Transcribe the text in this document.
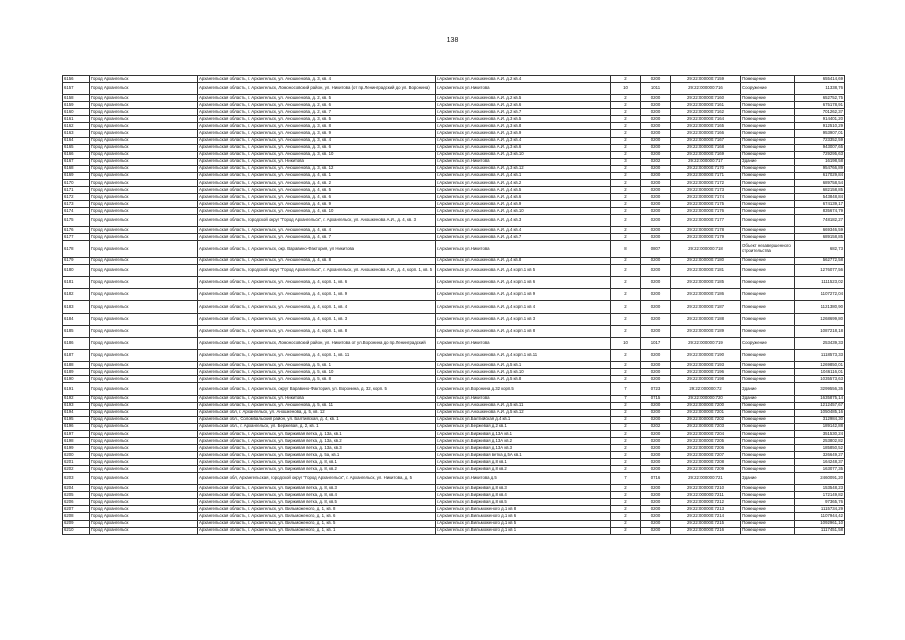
138
6156	Город Архангельск	Архангельская область, г. Архангельск, ул. Аношкенова, д. 3, кв. 4	г.Архангельск ул.Аношкенова А.И. д.2 кв.4	2	0200	29:22:000000:7159	Помещение	655414,69
6157	Город Архангельск	Архангельская область, г. Архангельск, Ломоносовский район, ул. Никитова (от пр.Ленинградский до ул. Воронина)	г.Архангельск ул.Никитова	10	1011	29:22:000000:716	Сооружение	11338,76
6158	Город Архангельск	Архангельская область, г. Архангельск, ул. Аношкенова, д. 2, кв. 5	г.Архангельск ул.Аношкенова А.И. д.2 кв.5	2	0200	29:22:000000:7160	Помещение	652752,75
6159	Город Архангельск	Архангельская область, г. Архангельск, ул. Аношкенова, д. 2, кв. 6	г.Архангельск ул.Аношкенова А.И. д.2 кв.6	2	0200	29:22:000000:7161	Помещение	675178,91
6160	Город Архангельск	Архангельская область, г. Архангельск, ул. Аношкенова, д. 2, кв. 7	г.Архангельск ул.Аношкенова А.И. д.2 кв.7	2	0200	29:22:000000:7162	Помещение	701262,37
6161	Город Архангельск	Архангельская область, г. Архангельск, ул. Аношкенова, д. 3, кв. 5	г.Архангельск ул.Аношкенова А.И. д.3 кв.5	2	0200	29:22:000000:7164	Помещение	914401,20
6162	Город Архангельск	Архангельская область, г. Архангельск, ул. Аношкенова, д. 3, кв. 8	г.Архангельск ул.Аношкенова А.И. д.3 кв.8	2	0200	29:22:000000:7165	Помещение	912510,29
6163	Город Архангельск	Архангельская область, г. Архангельск, ул. Аношкенова, д. 3, кв. 9	г.Архангельск ул.Аношкенова А.И. д.3 кв.9	2	0200	29:22:000000:7166	Помещение	953907,01
6164	Город Архангельск	Архангельская область, г. Архангельск, ул. Аношкенова, д. 3, кв. 4	г.Архангельск ул.Аношкенова А.И. д.3 кв.4	2	0200	29:22:000000:7167	Помещение	723352,59
6165	Город Архангельск	Архангельская область, г. Архангельск, ул. Аношкенова, д. 3, кв. 6	г.Архангельск ул.Аношкенова А.И. д.3 кв.6	2	0200	29:22:000000:7168	Помещение	943007,65
6166	Город Архангельск	Архангельская область, г. Архангельск, ул. Аношкенова, д. 3, кв. 10	г.Архангельск ул.Аношкенова А.И. д.3 кв.10	2	0200	29:22:000000:7169	Помещение	729295,63
6167	Город Архангельск	Архангельская область, г. Архангельск, ул. Никитова	г.Архангельск ул.Никитова	3	0202	29:22:000000:717	Здание	16198,58
6168	Город Архангельск	Архангельская область, г. Архангельск, ул. Аношкенова, д. 3, кв. 12	г.Архангельск ул.Аношкенова А.И. д.3 кв.12	2	0200	29:22:000000:7170	Помещение	954766,89
6169	Город Архангельск	Архангельская область, г. Архангельск, ул. Аношкенова, д. 4, кв. 1	г.Архангельск ул.Аношкенова А.И. д.4 кв.1	2	0200	29:22:000000:7171	Помещение	617029,84
6170	Город Архангельск	Архангельская область, г. Архангельск, ул. Аношкенова, д. 4, кв. 2	г.Архангельск ул.Аношкенова А.И. д.4 кв.2	2	0200	29:22:000000:7172	Помещение	689758,54
6171	Город Архангельск	Архангельская область, г. Архангельск, ул. Аношкенова, д. 4, кв. 5	г.Архангельск ул.Аношкенова А.И. д.4 кв.5	2	0200	29:22:000000:7173	Помещение	682158,85
6172	Город Архангельск	Архангельская область, г. Архангельск, ул. Аношкенова, д. 4, кв. 6	г.Архангельск ул.Аношкенова А.И. д.4 кв.6	2	0200	29:22:000000:7174	Помещение	543848,84
6173	Город Архангельск	Архангельская область, г. Архангельск, ул. Аношкенова, д. 4, кв. 9	г.Архангельск ул.Аношкенова А.И. д.4 кв.9	2	0200	29:22:000000:7175	Помещение	674139,17
6174	Город Архангельск	Архангельская область, г. Архангельск, ул. Аношкенова, д. 4, кв. 10	г.Архангельск ул.Аношкенова А.И. д.4 кв.10	2	0200	29:22:000000:7176	Помещение	835674,79
6175	Город Архангельск	Архангельская область, городской округ "Город Архангельск", г. Архангельск, ул. Аношкенова А.И., д. 4, кв. 3	г.Архангельск ул.Аношкенова А.И. д.4 кв.3	2	0200	29:22:000000:7177	Помещение	748182,27
6176	Город Архангельск	Архангельская область, г. Архангельск, ул. Аношкенова, д. 4, кв. 4	г.Архангельск ул.Аношкенова А.И. д.4 кв.4	2	0200	29:22:000000:7178	Помещение	669346,59
6177	Город Архангельск	Архангельская область, г. Архангельск, ул. Аношкенова, д. 4, кв. 7	г.Архангельск ул.Аношкенова А.И. д.4 кв.7	2	0200	29:22:000000:7179	Помещение	689158,85
6178	Город Архангельск	Архангельская область, г. Архангельск, окр. Варавино-Фактория, ул Никитова	г.Архангельск ул.Никитова	8	0807	29:22:000000:718	Объект незавершенного строительства	682,73
6179	Город Архангельск	Архангельская область, г. Архангельск, ул. Аношкенова, д. 4, кв. 8	г.Архангельск ул.Аношкенова А.И. д.4 кв.8	2	0200	29:22:000000:7180	Помещение	562772,58
6180	Город Архангельск	Архангельская область, городской округ "Город Архангельск", г. Архангельск, ул. Аношкенова А.И., д. 4, корп. 1, кв. 5	г.Архангельск ул.Аношкенова А.И. д.4 корп.1 кв 5	2	0200	29:22:000000:7181	Помещение	1276077,56
6181	Город Архангельск	Архангельская область, г. Архангельск, ул. Аношкенова, д. 4, корп. 1, кв. 6	г.Архангельск ул.Аношкенова А.И. д.4 корп.1 кв 6	2	0200	29:22:000000:7185	Помещение	1111523,02
6182	Город Архангельск	Архангельская область, г. Архангельск, ул. Аношкенова, д. 4, корп. 1, кв. 9	г.Архангельск ул.Аношкенова А.И. д.4 корп.1 кв 9	2	0200	29:22:000000:7186	Помещение	1107272,04
6183	Город Архангельск	Архангельская область, г. Архангельск, ул. Аношкенова, д. 4, корп. 1, кв. 4	г.Архангельск ул.Аношкенова А.И. д.4 корп.1 кв 4	2	0200	29:22:000000:7187	Помещение	1121380,90
6184	Город Архангельск	Архангельская область, г. Архангельск, ул. Аношкенова, д. 4, корп. 1, кв. 3	г.Архангельск ул.Аношкенова А.И. д.4 корп.1 кв 3	2	0200	29:22:000000:7188	Помещение	1268699,80
6185	Город Архангельск	Архангельская область, г. Архангельск, ул. Аношкенова, д. 4, корп. 1, кв. 8	г.Архангельск ул.Аношкенова А.И. д.4 корп.1 кв 8	2	0200	29:22:000000:7189	Помещение	1087218,18
6186	Город Архангельск	Архангельская область, г. Архангельск, Ломоносовский район, ул. Никитова от ул.Воронина до пр.Ленинградский	г.Архангельск ул.Никитова	10	1017	29:22:000000:719	Сооружение	253439,33
6187	Город Архангельск	Архангельская область, г. Архангельск, ул. Аношкенова, д. 4, корп. 1, кв. 11	г.Архангельск ул.Аношкенова А.И. д.4 корп.1 кв.11	2	0200	29:22:000000:7190	Помещение	1118573,33
6188	Город Архангельск	Архангельская область, г. Архангельск, ул. Аношкенова, д. 5, кв. 1	г.Архангельск ул.Аношкенова А.И. д.5 кв.1	2	0200	29:22:000000:7193	Помещение	1269850,01
6189	Город Архангельск	Архангельская область, г. Архангельск, ул. Аношкенова, д. 5, кв. 10	г.Архангельск ул.Аношкенова А.И. д.5 кв.10	2	0200	29:22:000000:7196	Помещение	1046116,01
6190	Город Архангельск	Архангельская область, г. Архангельск, ул. Аношкенова, д. 5, кв. 8	г.Архангельск ул.Аношкенова А.И. д.5 кв.8	2	0200	29:22:000000:7198	Помещение	1035573,63
6191	Город Архангельск	Архангельская область, г. Архангельск, округ Варавино-Фактория, ул. Воронина, д. 32, корп. 5	г.Архангельск ул.Воронина д.32 корп.5	7	0723	29:22:000000:72	Здание	3299556,35
6192	Город Архангельск	Архангельская область, г. Архангельск, ул. Никитова	г.Архангельск ул.Никитова	7	0715	29:22:000000:720	Здание	1635875,14
6193	Город Архангельск	Архангельская область, г. Архангельск, ул. Аношкенова, д. 5, кв. 11	г.Архангельск ул.Аношкенова А.И. д.5 кв.11	2	0200	29:22:000000:7200	Помещение	1212457,67
6194	Город Архангельск	Архангельская обл, г. Архангельск, ул. Аношкенова, д. 5, кв. 12	г.Архангельск ул.Аношкенова А.И. д.5 кв.12	2	0200	29:22:000000:7201	Помещение	1050485,16
6195	Город Архангельск	Архангельская обл., Соломбальский район, ул. Балтийская, д. 4, кв. 1	г.Архангельск ул.Балтийская д.4 кв.1	2	0200	29:22:000000:7202	Помещение	312984,30
6196	Город Архангельск	Архангельская обл., г. Архангельск, ул. Бержевая, д. 2, кв. 1	г.Архангельск ул.Бержевая д.2 кв.1	2	0202	29:22:000000:7203	Помещение	189142,88
6197	Город Архангельск	Архангельская область, г. Архангельск, ул. Бирживая ветка, д. 13а, кв.1	г.Архангельск ул.Бирживая д.13А кв.1	2	0200	29:22:000000:7204	Помещение	351530,24
6198	Город Архангельск	Архангельская область, г. Архангельск, ул. Бирживая ветка, д. 13а, кв.2	г.Архангельск ул.Бирживая д.13А кв.2	2	0200	29:22:000000:7205	Помещение	253802,82
6199	Город Архангельск	Архангельская область, г. Архангельск, ул. Бирживая ветка, д. 13а, кв.3	г.Архангельск ул.Бирживая д.13А кв.3	2	0200	29:22:000000:7206	Помещение	185850,52
6200	Город Архангельск	Архангельская область, г. Архангельск, ул. Бирживая ветка, д. 5а, кв.1	г.Архангельск ул.Бирживая ветка д.5А кв.1	2	0200	29:22:000000:7207	Помещение	326649,27
6201	Город Архангельск	Архангельская область, г. Архангельск, ул. Бирживая ветка, д. 8, кв.1	г.Архангельск ул.Бирживая д.8 кв.1	2	0200	29:22:000000:7208	Помещение	164248,37
6202	Город Архангельск	Архангельская область, г. Архангельск, ул. Бирживая ветка, д. 8, кв.2	г.Архангельск ул.Бирживая д.8 кв.2	2	0200	29:22:000000:7209	Помещение	163077,35
6203	Город Архангельск	Архангельская обл, Архангельская, городской округ "Город Архангельск", г. Архангельск, ул. Никитова, д. 5	г.Архангельск ул.Никитова д.5	7	0716	29:22:000000:721	Здание	2460091,20
6204	Город Архангельск	Архангельская область, г. Архангельск, ул. Бирживая ветка, д. 8, кв.3	г.Архангельск ул.Бирживая д.8 кв.3	2	0200	29:22:000000:7210	Помещение	153548,23
6205	Город Архангельск	Архангельская область, г. Архангельск, ул. Бирживая ветка, д. 8, кв.4	г.Архангельск ул.Бирживая д.8 кв.4	2	0200	29:22:000000:7211	Помещение	172149,82
6206	Город Архангельск	Архангельская область, г. Архангельск, ул. Бирживая ветка, д. 8, кв.5	г.Архангельск ул.Бирживая д.8 кв.5	2	0200	29:22:000000:7212	Помещение	97365,76
6207	Город Архангельск	Архангельская область, г. Архангельск, ул. Вильможеного, д. 1, кв. 8	г.Архангельск ул.Вильможеного д.1 кв 8	2	0200	29:22:000000:7213	Помещение	1115734,29
6208	Город Архангельск	Архангельская область, г. Архангельск, ул. Вильможеного, д. 1, кв. 6	г.Архангельск ул.Вильможеного д.1 кв 6	2	0200	29:22:000000:7214	Помещение	1107944,42
6209	Город Архангельск	Архангельская область, г. Архангельск, ул. Вильможеного, д. 1, кв. 5	г.Архангельск ул.Вильможеного д.1 кв 5	2	0200	29:22:000000:7215	Помещение	1092961,10
6210	Город Архангельск	Архангельская область, г. Архангельск, ул. Вильможеного, д. 1, кв. 1	г.Архангельск ул.Вильможеного д.1 кв 1	2	0200	29:22:000000:7216	Помещение	1117451,58
